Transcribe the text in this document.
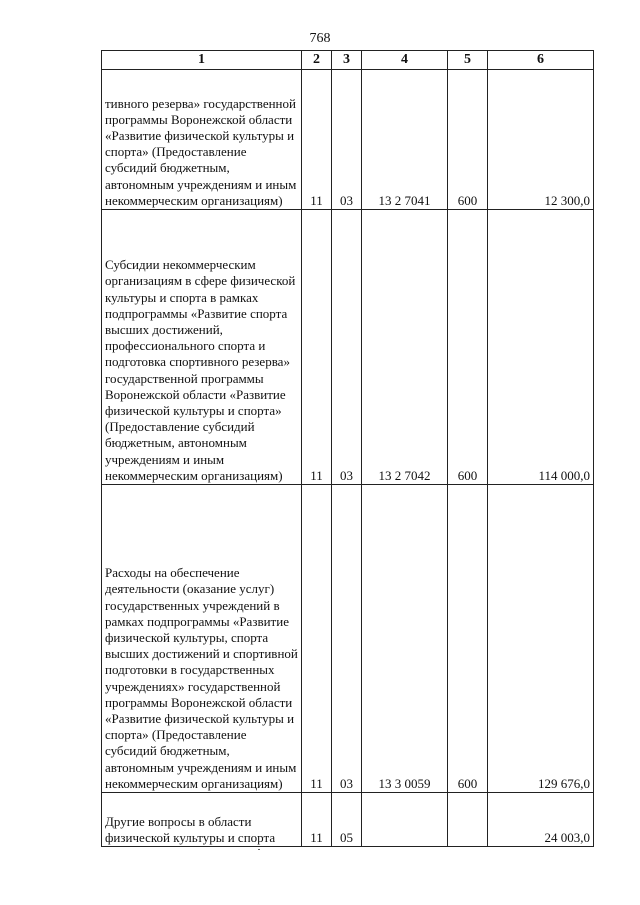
768
1	2	3	4	5	6
тивного резерва» государственной программы Воронежской области «Развитие физической культуры и спорта» (Предоставление субсидий бюджетным, автономным учреждениям и иным некоммерческим организациям)	11	03	13 2 7041	600	12 300,0
Субсидии некоммерческим организациям в сфере физической культуры и спорта в рамках подпрограммы «Развитие спорта высших достижений, профессионального спорта и подготовка спортивного резерва» государственной программы Воронежской области «Развитие физической культуры и спорта» (Предоставление субсидий бюджетным, автономным учреждениям и иным некоммерческим организациям)	11	03	13 2 7042	600	114 000,0
Расходы на обеспечение деятельности (оказание услуг) государственных учреждений в рамках подпрограммы «Развитие физической культуры, спорта высших достижений и спортивной подготовки в государственных учреждениях» государственной программы Воронежской области «Развитие физической культуры и спорта» (Предоставление субсидий бюджетным, автономным учреждениям и иным некоммерческим организациям)	11	03	13 3 0059	600	129 676,0
Другие вопросы в области физической культуры и спорта	11	05			24 003,0
